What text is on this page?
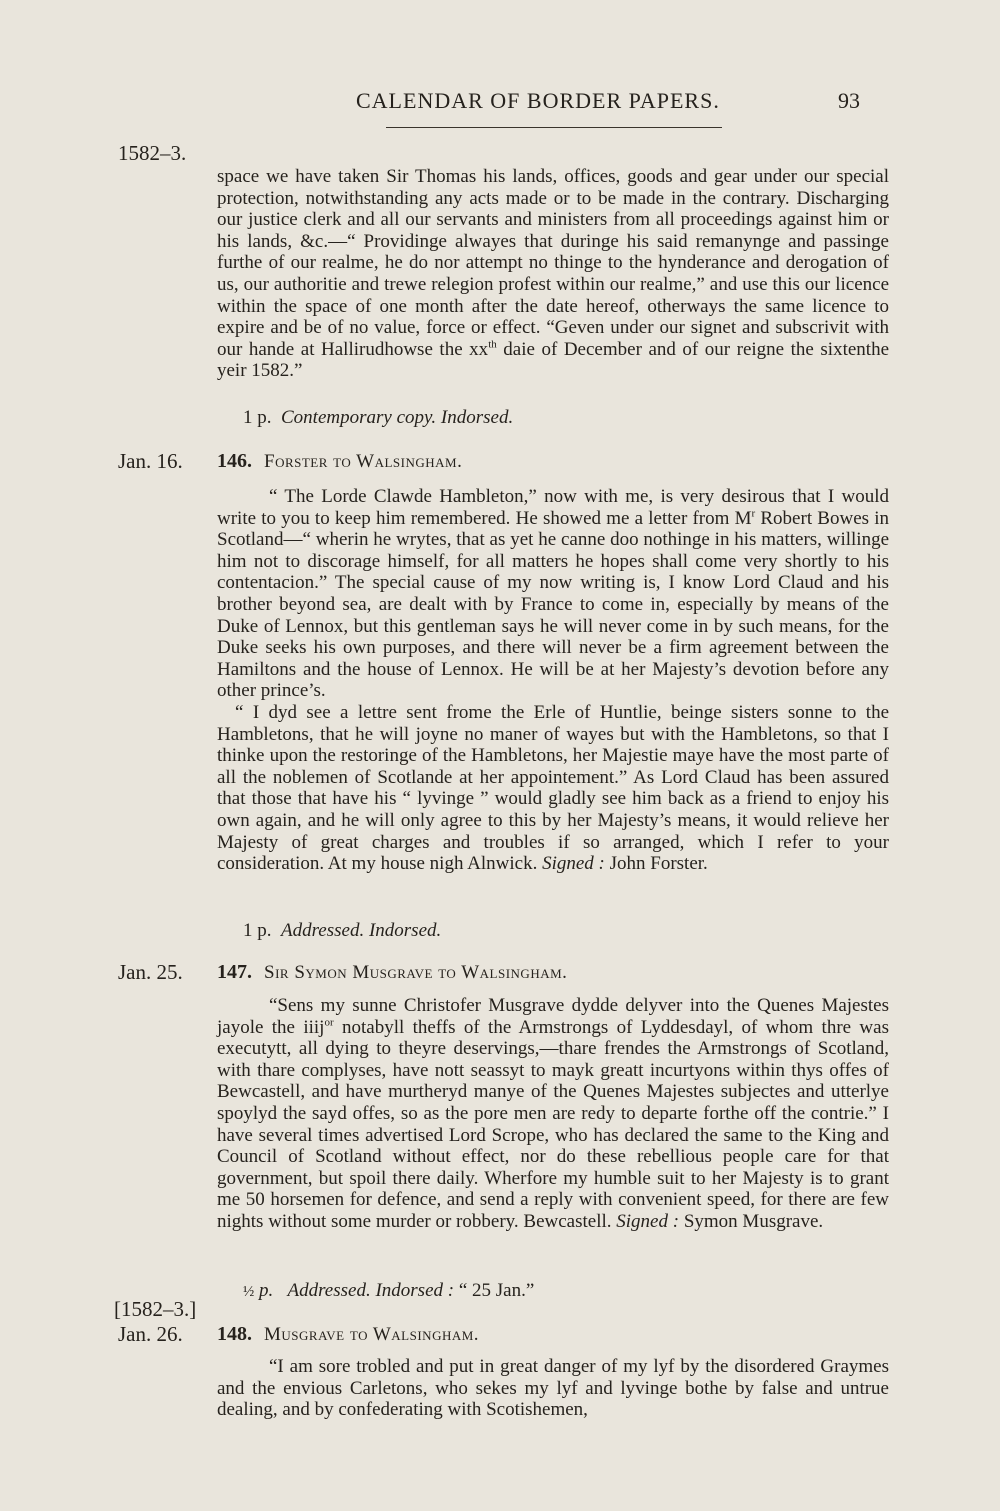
CALENDAR OF BORDER PAPERS.	93
1582–3.
Jan. 16.
Jan. 25.
[1582–3.]
Jan. 26.

space we have taken Sir Thomas his lands, offices, goods and gear under our special protection, notwithstanding any acts made or to be made in the contrary. Discharging our justice clerk and all our servants and ministers from all proceedings against him or his lands, &c.—“ Providinge alwayes that duringe his said remanynge and passinge furthe of our realme, he do nor attempt no thinge to the hynderance and derogation of us, our authoritie and trewe relegion profest within our realme,” and use this our licence within the space of one month after the date hereof, otherways the same licence to expire and be of no value, force or effect. “Geven under our signet and subscrivit with our hande at Hallirudhowse the $xx^{th}$ daie of December and of our reigne the sixtenthe yeir 1582.”

1 p. Contemporary copy. Indorsed.
146. Forster to Walsingham.

“ The Lorde Clawde Hambleton,” now with me, is very desirous that I would write to you to keep him remembered. He showed me a letter from $M^r$ Robert Bowes in Scotland—“ wherin he wrytes, that as yet he canne doo nothinge in his matters, willinge him not to discorage himself, for all matters he hopes shall come very shortly to his contentacion.” The special cause of my now writing is, I know Lord Claud and his brother beyond sea, are dealt with by France to come in, especially by means of the Duke of Lennox, but this gentleman says he will never come in by such means, for the Duke seeks his own purposes, and there will never be a firm agreement between the Hamiltons and the house of Lennox. He will be at her Majesty’s devotion before any other prince’s.

“ I dyd see a lettre sent frome the Erle of Huntlie, beinge sisters sonne to the Hambletons, that he will joyne no maner of wayes but with the Hambletons, so that I thinke upon the restoringe of the Hambletons, her Majestie maye have the most parte of all the noblemen of Scotlande at her appointement.” As Lord Claud has been assured that those that have his “ lyvinge ” would gladly see him back as a friend to enjoy his own again, and he will only agree to this by her Majesty’s means, it would relieve her Majesty of great charges and troubles if so arranged, which I refer to your consideration. At my house nigh Alnwick. Signed : John Forster.

1 p. Addressed. Indorsed.
147. Sir Symon Musgrave to Walsingham.

“Sens my sunne Christofer Musgrave dydde delyver into the Quenes Majestes jayole the iiij$^{or}$ notabyll theffs of the Armstrongs of Lyddesdayl, of whom thre was executytt, all dying to theyre deservings,—thare frendes the Armstrongs of Scotland, with thare complyses, have nott seassyt to mayk greatt incurtyons within thys offes of Bewcastell, and have murtheryd manye of the Quenes Majestes subjectes and utterlye spoylyd the sayd offes, so as the pore men are redy to departe forthe off the contrie.” I have several times advertised Lord Scrope, who has declared the same to the King and Council of Scotland without effect, nor do these rebellious people care for that government, but spoil there daily. Wherfore my humble suit to her Majesty is to grant me 50 horsemen for defence, and send a reply with convenient speed, for there are few nights without some murder or robbery. Bewcastell. Signed : Symon Musgrave.

½ p. Addressed. Indorsed : “ 25 Jan.”
148. Musgrave to Walsingham.

“I am sore trobled and put in great danger of my lyf by the disordered Graymes and the envious Carletons, who sekes my lyf and lyvinge bothe by false and untrue dealing, and by confederating with Scotishemen,
